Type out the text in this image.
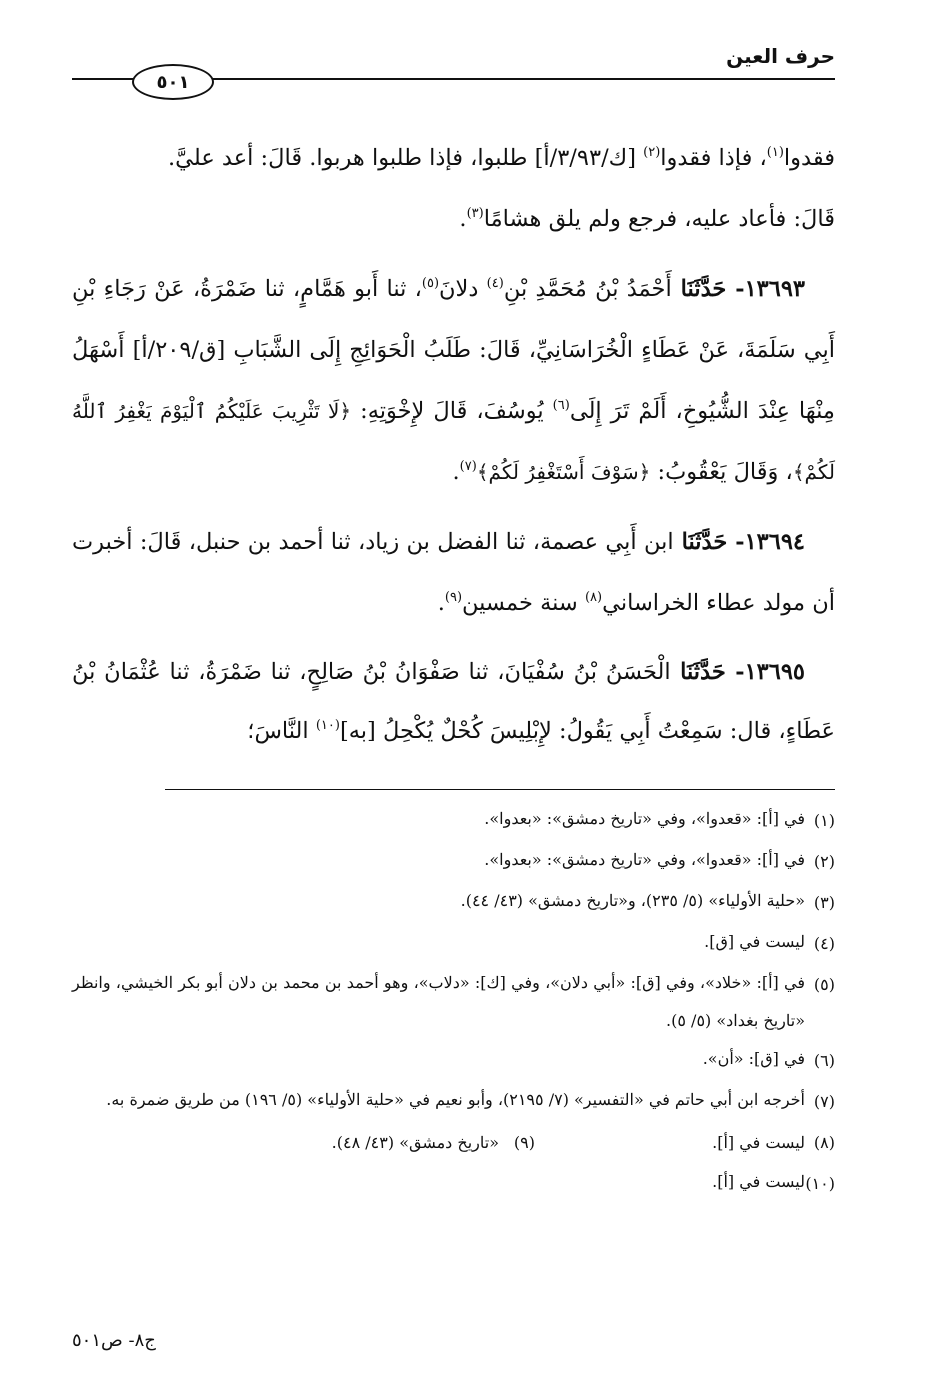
حرف العين
٥٠١

فقدوا$^{(١)}$، فإذا فقدوا$^{(٢)}$ [ك/٣/٩٣/أ] طلبوا، فإذا طلبوا هربوا. قَالَ: أعد عليَّ.
قَالَ: فأعاد عليه، فرجع ولم يلق هشامًا$^{(٣)}$.

١٣٦٩٣- حَدَّثَنَا أَحْمَدُ بْنُ مُحَمَّدِ بْنِ$^{(٤)}$ دلانَ$^{(٥)}$، ثنا أَبو هَمَّامٍ، ثنا ضَمْرَةُ، عَنْ رَجَاءِ بْنِ أَبِي سَلَمَةَ، عَنْ عَطَاءٍ الْخُرَاسَانِيِّ، قَالَ: طَلَبُ الْحَوَائِجِ إِلَى الشَّبَابِ [ق/٢٠٩/أ] أَسْهَلُ مِنْهَا عِنْدَ الشُّيُوخِ، أَلَمْ تَرَ إِلَى$^{(٦)}$ يُوسُفَ، قَالَ لإِخْوَتِهِ: ﴿لَا تَثْرِيبَ عَلَيْكُمُ ٱلْيَوْمَ يَغْفِرُ ٱللَّهُ لَكُمْ﴾، وَقَالَ يَعْقُوبُ: ﴿سَوْفَ أَسْتَغْفِرُ لَكُمْ﴾$^{(٧)}$.

١٣٦٩٤- حَدَّثَنَا ابن أَبِي عصمة، ثنا الفضل بن زياد، ثنا أحمد بن حنبل، قَالَ: أخبرت أن مولد عطاء الخراساني$^{(٨)}$ سنة خمسين$^{(٩)}$.

١٣٦٩٥- حَدَّثَنَا الْحَسَنُ بْنُ سُفْيَانَ، ثنا صَفْوَانُ بْنُ صَالِحٍ، ثنا ضَمْرَةُ، ثنا عُثْمَانُ بْنُ عَطَاءٍ، قال: سَمِعْتُ أَبِي يَقُولُ: لإِبْلِيسَ كُحْلٌ يُكْحِلُ [به]$^{(١٠)}$ النَّاسَ؛

(١)
في [أ]: «قعدوا»، وفي «تاريخ دمشق»: «بعدوا».
(٢)
في [أ]: «قعدوا»، وفي «تاريخ دمشق»: «بعدوا».
(٣)
«حلية الأولياء» (٥/ ٢٣٥)، و«تاريخ دمشق» (٤٣/ ٤٤).
(٤)
ليست في [ق].
(٥)
في [أ]: «خلاد»، وفي [ق]: «أبي دلان»، وفي [ك]: «دلاب»، وهو أحمد بن محمد بن دلان أبو بكر الخيشي، وانظر «تاريخ بغداد» (٥/ ٥).
(٦)
في [ق]: «أن».
(٧)
أخرجه ابن أبي حاتم في «التفسير» (٧/ ٢١٩٥)، وأبو نعيم في «حلية الأولياء» (٥/ ١٩٦) من طريق ضمرة به.
(٨)
ليست في [أ].
(٩)
«تاريخ دمشق» (٤٣/ ٤٨).
(١٠)
ليست في [أ].
ج٨- ص٥٠١
